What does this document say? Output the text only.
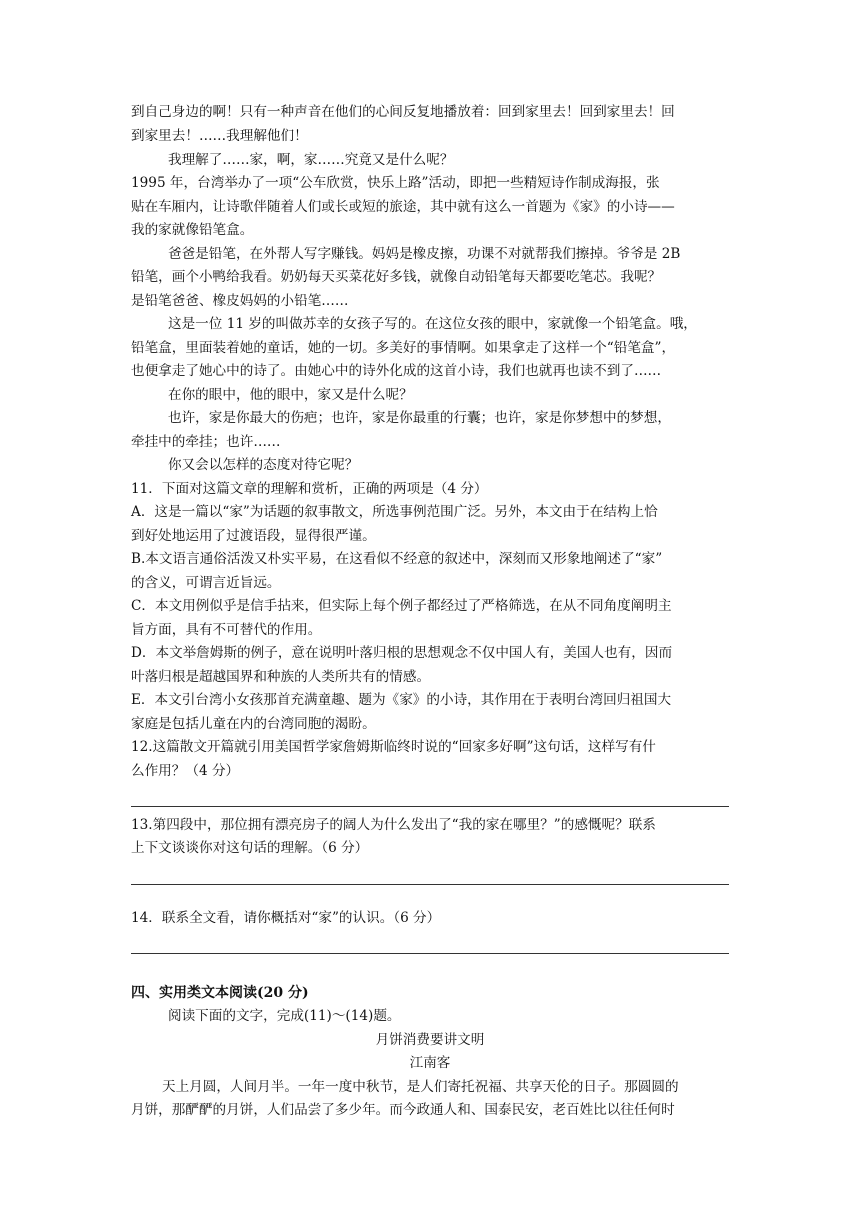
到自己身边的啊！只有一种声音在他们的心间反复地播放着：回到家里去！回到家里去！回
到家里去！……我理解他们！
我理解了……家，啊，家……究竟又是什么呢？
1995 年，台湾举办了一项“公车欣赏，快乐上路”活动，即把一些精短诗作制成海报，张
贴在车厢内，让诗歌伴随着人们或长或短的旅途，其中就有这么一首题为《家》的小诗——
我的家就像铅笔盒。
爸爸是铅笔，在外帮人写字赚钱。妈妈是橡皮擦，功课不对就帮我们擦掉。爷爷是 2B
铅笔，画个小鸭给我看。奶奶每天买菜花好多钱，就像自动铅笔每天都要吃笔芯。我呢？
是铅笔爸爸、橡皮妈妈的小铅笔……
这是一位 11 岁的叫做苏幸的女孩子写的。在这位女孩的眼中，家就像一个铅笔盒。哦，
铅笔盒，里面装着她的童话，她的一切。多美好的事情啊。如果拿走了这样一个“铅笔盒”，
也便拿走了她心中的诗了。由她心中的诗外化成的这首小诗，我们也就再也读不到了……
在你的眼中，他的眼中，家又是什么呢？
也许，家是你最大的伤疤；也许，家是你最重的行囊；也许，家是你梦想中的梦想，
牵挂中的牵挂；也许……
你又会以怎样的态度对待它呢？
11．下面对这篇文章的理解和赏析，正确的两项是（4 分）
A．这是一篇以“家”为话题的叙事散文，所选事例范围广泛。另外，本文由于在结构上恰
到好处地运用了过渡语段，显得很严谨。
B.本文语言通俗活泼又朴实平易，在这看似不经意的叙述中，深刻而又形象地阐述了“家”
的含义，可谓言近旨远。
C．本文用例似乎是信手拈来，但实际上每个例子都经过了严格筛选，在从不同角度阐明主
旨方面，具有不可替代的作用。
D．本文举詹姆斯的例子，意在说明叶落归根的思想观念不仅中国人有，美国人也有，因而
叶落归根是超越国界和种族的人类所共有的情感。
E．本文引台湾小女孩那首充满童趣、题为《家》的小诗，其作用在于表明台湾回归祖国大
家庭是包括儿童在内的台湾同胞的渴盼。
12.这篇散文开篇就引用美国哲学家詹姆斯临终时说的“回家多好啊”这句话，这样写有什
么作用？（4 分）
13.第四段中，那位拥有漂亮房子的阔人为什么发出了“我的家在哪里？”的感慨呢？联系
上下文谈谈你对这句话的理解。（6 分）
14．联系全文看，请你概括对“家”的认识。（6 分）
四、实用类文本阅读(20 分)
阅读下面的文字，完成(11)～(14)题。
月饼消费要讲文明
江南客
天上月圆，人间月半。一年一度中秋节，是人们寄托祝福、共享天伦的日子。那圆圆的
月饼，那酽酽的月饼，人们品尝了多少年。而今政通人和、国泰民安，老百姓比以往任何时
